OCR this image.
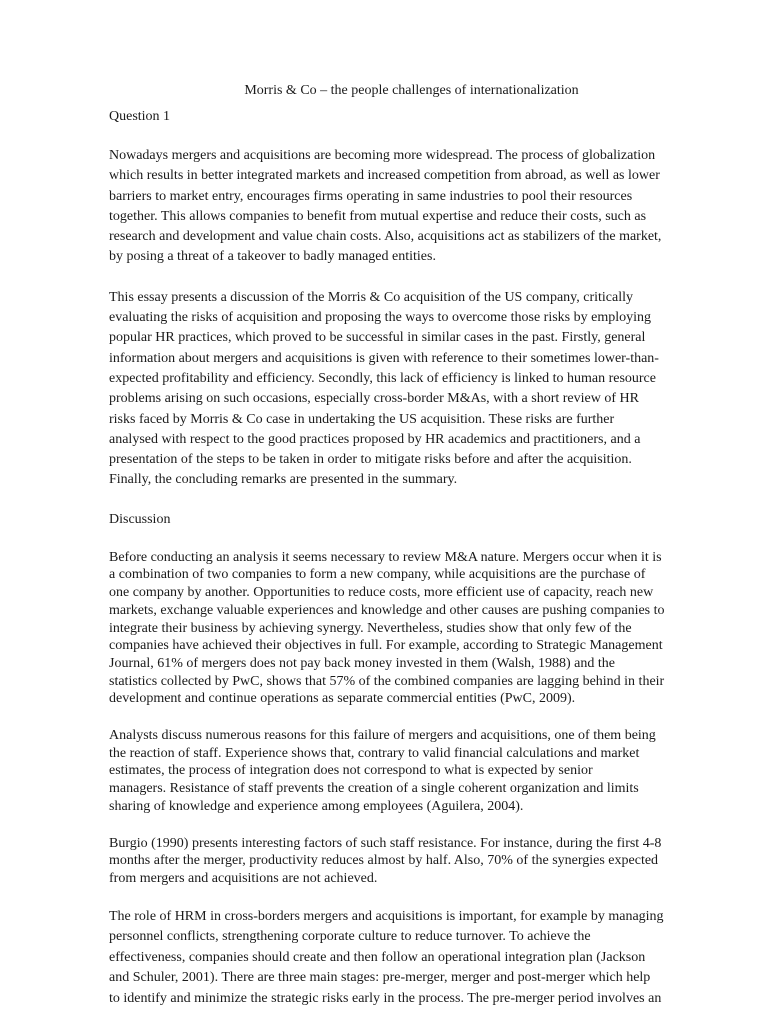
Morris & Co – the people challenges of internationalization
Question 1
Nowadays mergers and acquisitions are becoming more widespread. The process of globalization
which results in better integrated markets and increased competition from abroad, as well as lower
barriers to market entry, encourages firms operating in same industries to pool their resources
together. This allows companies to benefit from mutual expertise and reduce their costs, such as
research and development and value chain costs. Also, acquisitions act as stabilizers of the market,
by posing a threat of a takeover to badly managed entities.
This essay presents a discussion of the Morris & Co acquisition of the US company, critically
evaluating the risks of acquisition and proposing the ways to overcome those risks by employing
popular HR practices, which proved to be successful in similar cases in the past. Firstly, general
information about mergers and acquisitions is given with reference to their sometimes lower-than-
expected profitability and efficiency. Secondly, this lack of efficiency is linked to human resource
problems arising on such occasions, especially cross-border M&As, with a short review of HR
risks faced by Morris & Co case in undertaking the US acquisition. These risks are further
analysed with respect to the good practices proposed by HR academics and practitioners, and a
presentation of the steps to be taken in order to mitigate risks before and after the acquisition.
Finally, the concluding remarks are presented in the summary.
Discussion
Before conducting an analysis it seems necessary to review M&A nature. Mergers occur when it is
a combination of two companies to form a new company, while acquisitions are the purchase of
one company by another. Opportunities to reduce costs, more efficient use of capacity, reach new
markets, exchange valuable experiences and knowledge and other causes are pushing companies to
integrate their business by achieving synergy. Nevertheless, studies show that only few of the
companies have achieved their objectives in full. For example, according to Strategic Management
Journal, 61% of mergers does not pay back money invested in them (Walsh, 1988) and the
statistics collected by PwC, shows that 57% of the combined companies are lagging behind in their
development and continue operations as separate commercial entities (PwC, 2009).
Analysts discuss numerous reasons for this failure of mergers and acquisitions, one of them being
the reaction of staff. Experience shows that, contrary to valid financial calculations and market
estimates, the process of integration does not correspond to what is expected by senior
managers. Resistance of staff prevents the creation of a single coherent organization and limits
sharing of knowledge and experience among employees (Aguilera, 2004).
Burgio (1990) presents interesting factors of such staff resistance. For instance, during the first 4-8
months after the merger, productivity reduces almost by half. Also, 70% of the synergies expected
from mergers and acquisitions are not achieved.
The role of HRM in cross-borders mergers and acquisitions is important, for example by managing
personnel conflicts, strengthening corporate culture to reduce turnover. To achieve the
effectiveness, companies should create and then follow an operational integration plan (Jackson
and Schuler, 2001). There are three main stages: pre-merger, merger and post-merger which help
to identify and minimize the strategic risks early in the process. The pre-merger period involves an
